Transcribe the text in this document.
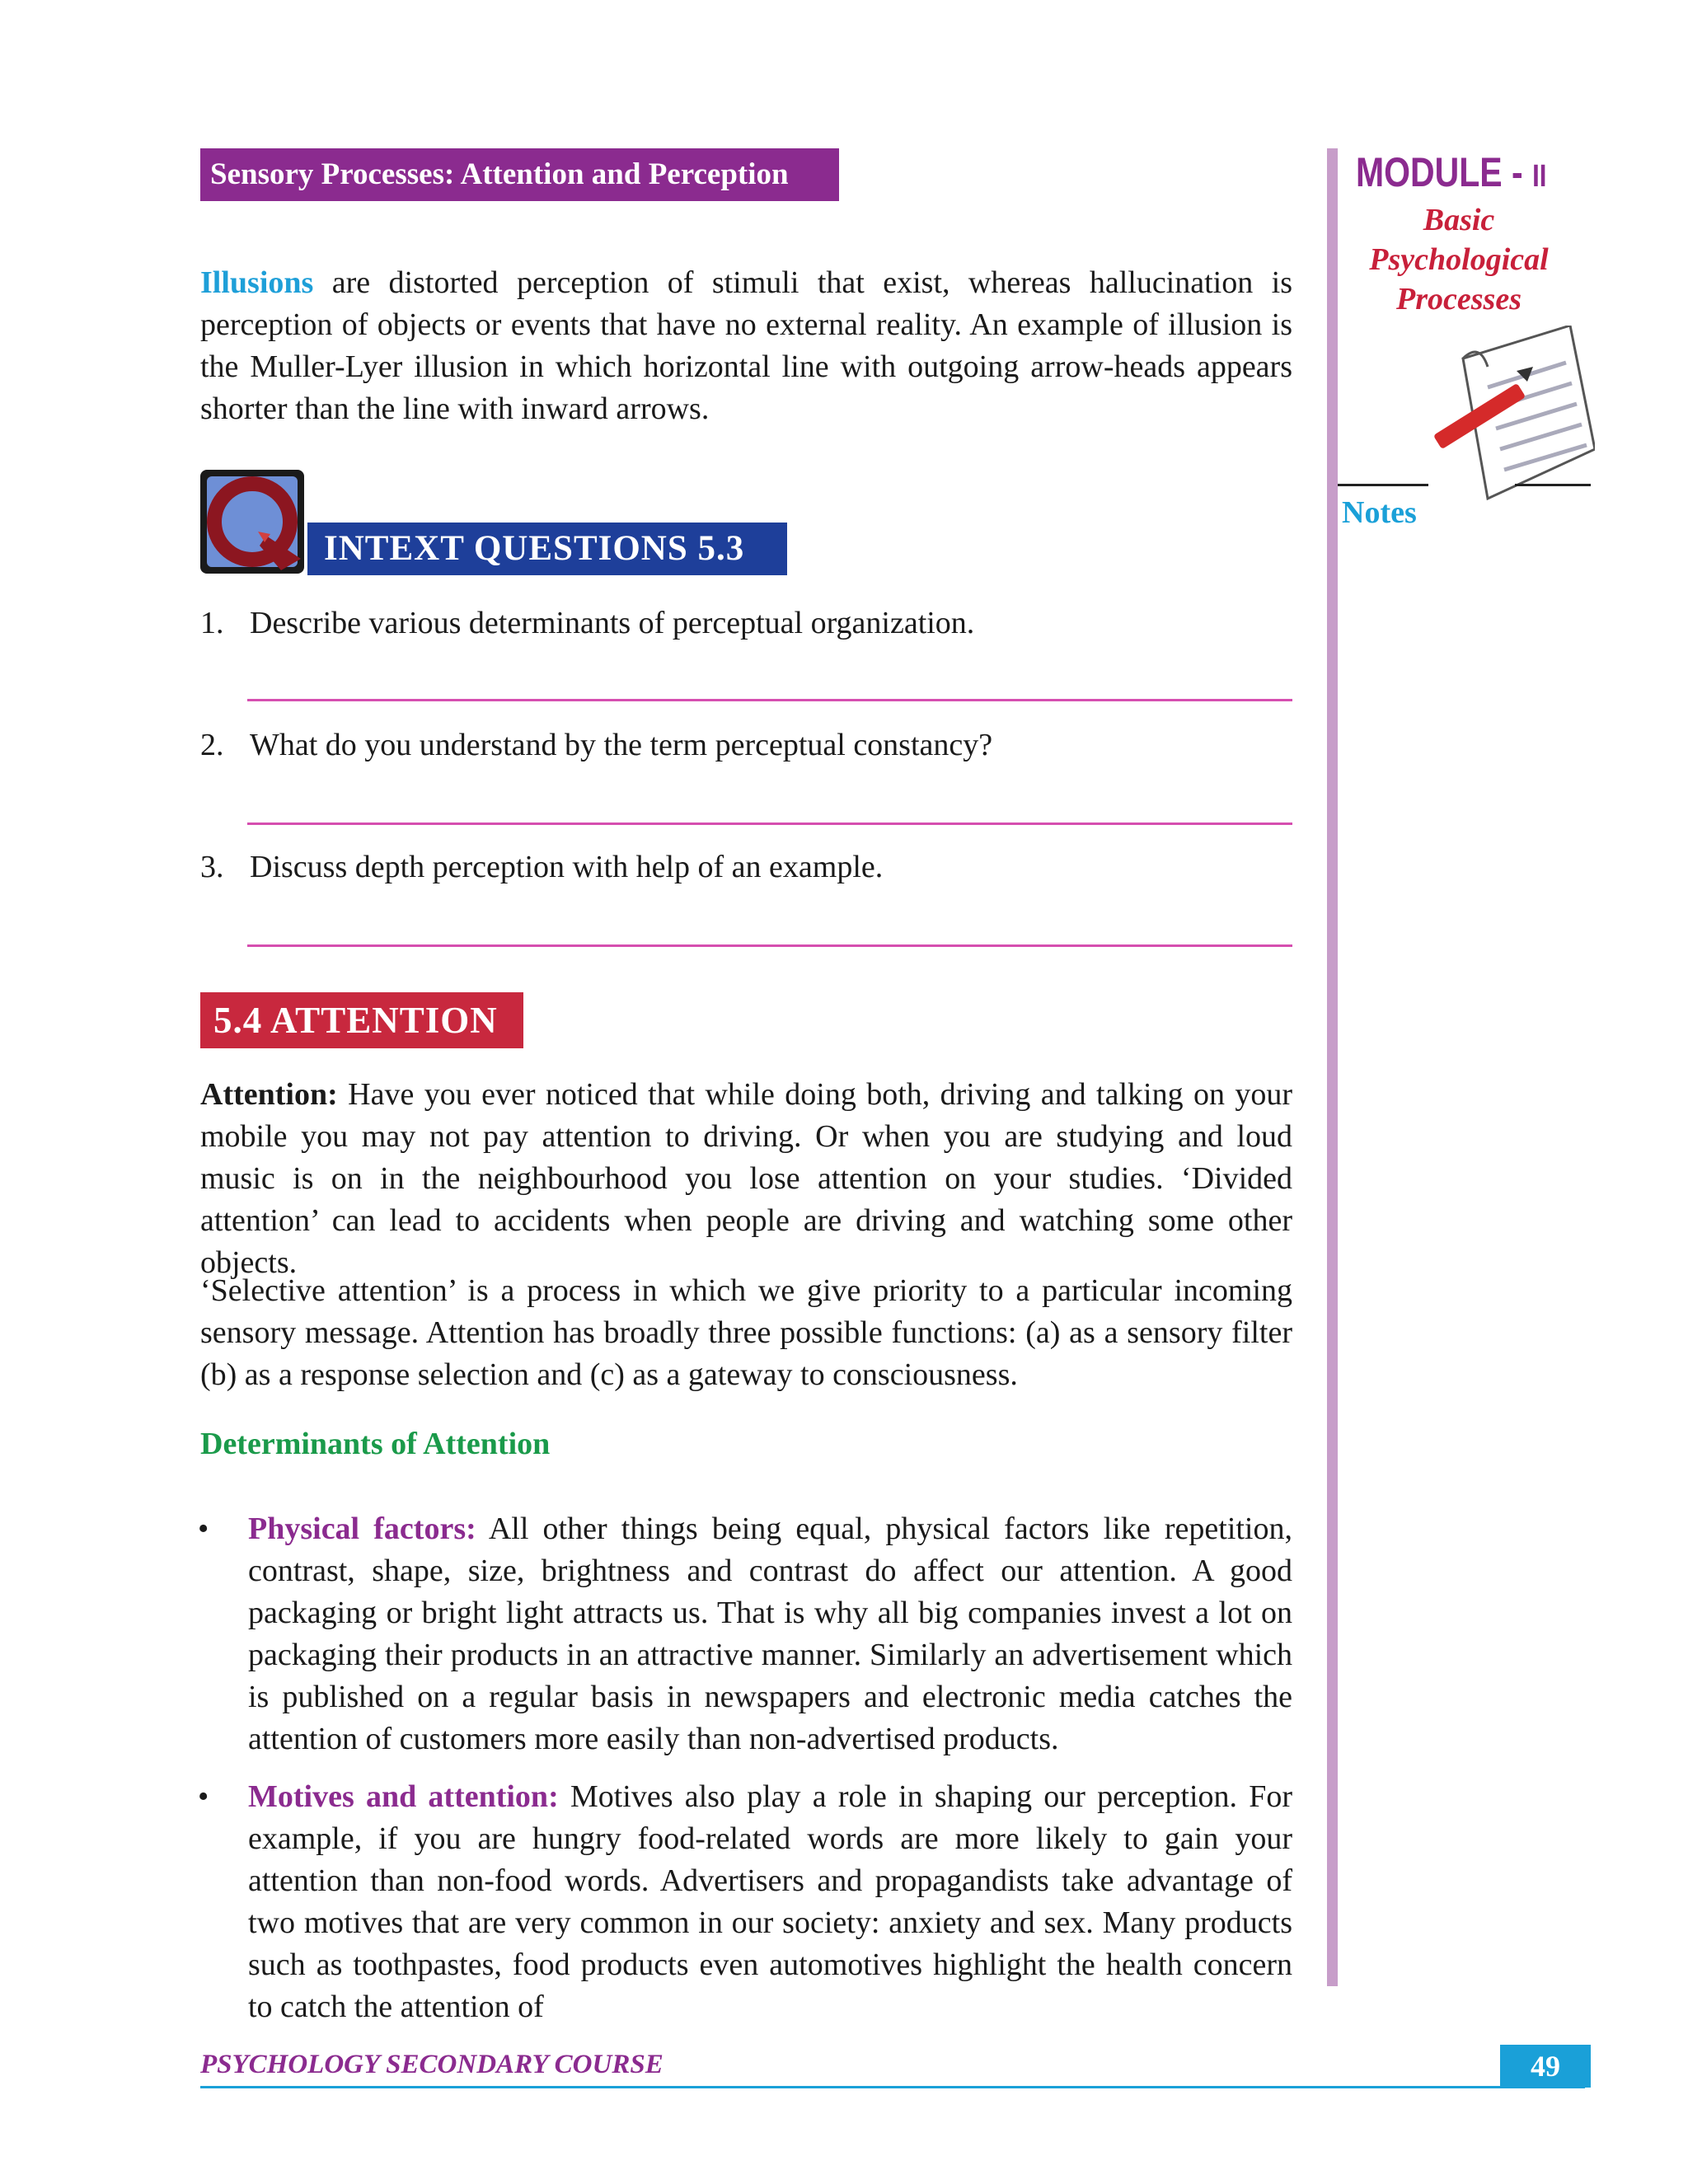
Sensory Processes: Attention and Perception	MODULE - II
Basic
Psychological
Processes
Notes
Illusions are distorted perception of stimuli that exist, whereas hallucination is perception of objects or events that have no external reality. An example of illusion is the Muller-Lyer illusion in which horizontal line with outgoing arrow-heads appears shorter than the line with inward arrows.
INTEXT QUESTIONS 5.3
1. Describe various determinants of perceptual organization.
2. What do you understand by the term perceptual constancy?
3. Discuss depth perception with help of an example.
5.4 ATTENTION
Attention: Have you ever noticed that while doing both, driving and talking on your mobile you may not pay attention to driving. Or when you are studying and loud music is on in the neighbourhood you lose attention on your studies. ‘Divided attention’ can lead to accidents when people are driving and watching some other objects.
‘Selective attention’ is a process in which we give priority to a particular incoming sensory message. Attention has broadly three possible functions: (a) as a sensory filter (b) as a response selection and (c) as a gateway to consciousness.
Determinants of Attention
• Physical factors: All other things being equal, physical factors like repetition, contrast, shape, size, brightness and contrast do affect our attention. A good packaging or bright light attracts us. That is why all big companies invest a lot on packaging their products in an attractive manner. Similarly an advertisement which is published on a regular basis in newspapers and electronic media catches the attention of customers more easily than non-advertised products.
• Motives and attention: Motives also play a role in shaping our perception. For example, if you are hungry food-related words are more likely to gain your attention than non-food words. Advertisers and propagandists take advantage of two motives that are very common in our society: anxiety and sex. Many products such as toothpastes, food products even automotives highlight the health concern to catch the attention of
PSYCHOLOGY SECONDARY COURSE	49
